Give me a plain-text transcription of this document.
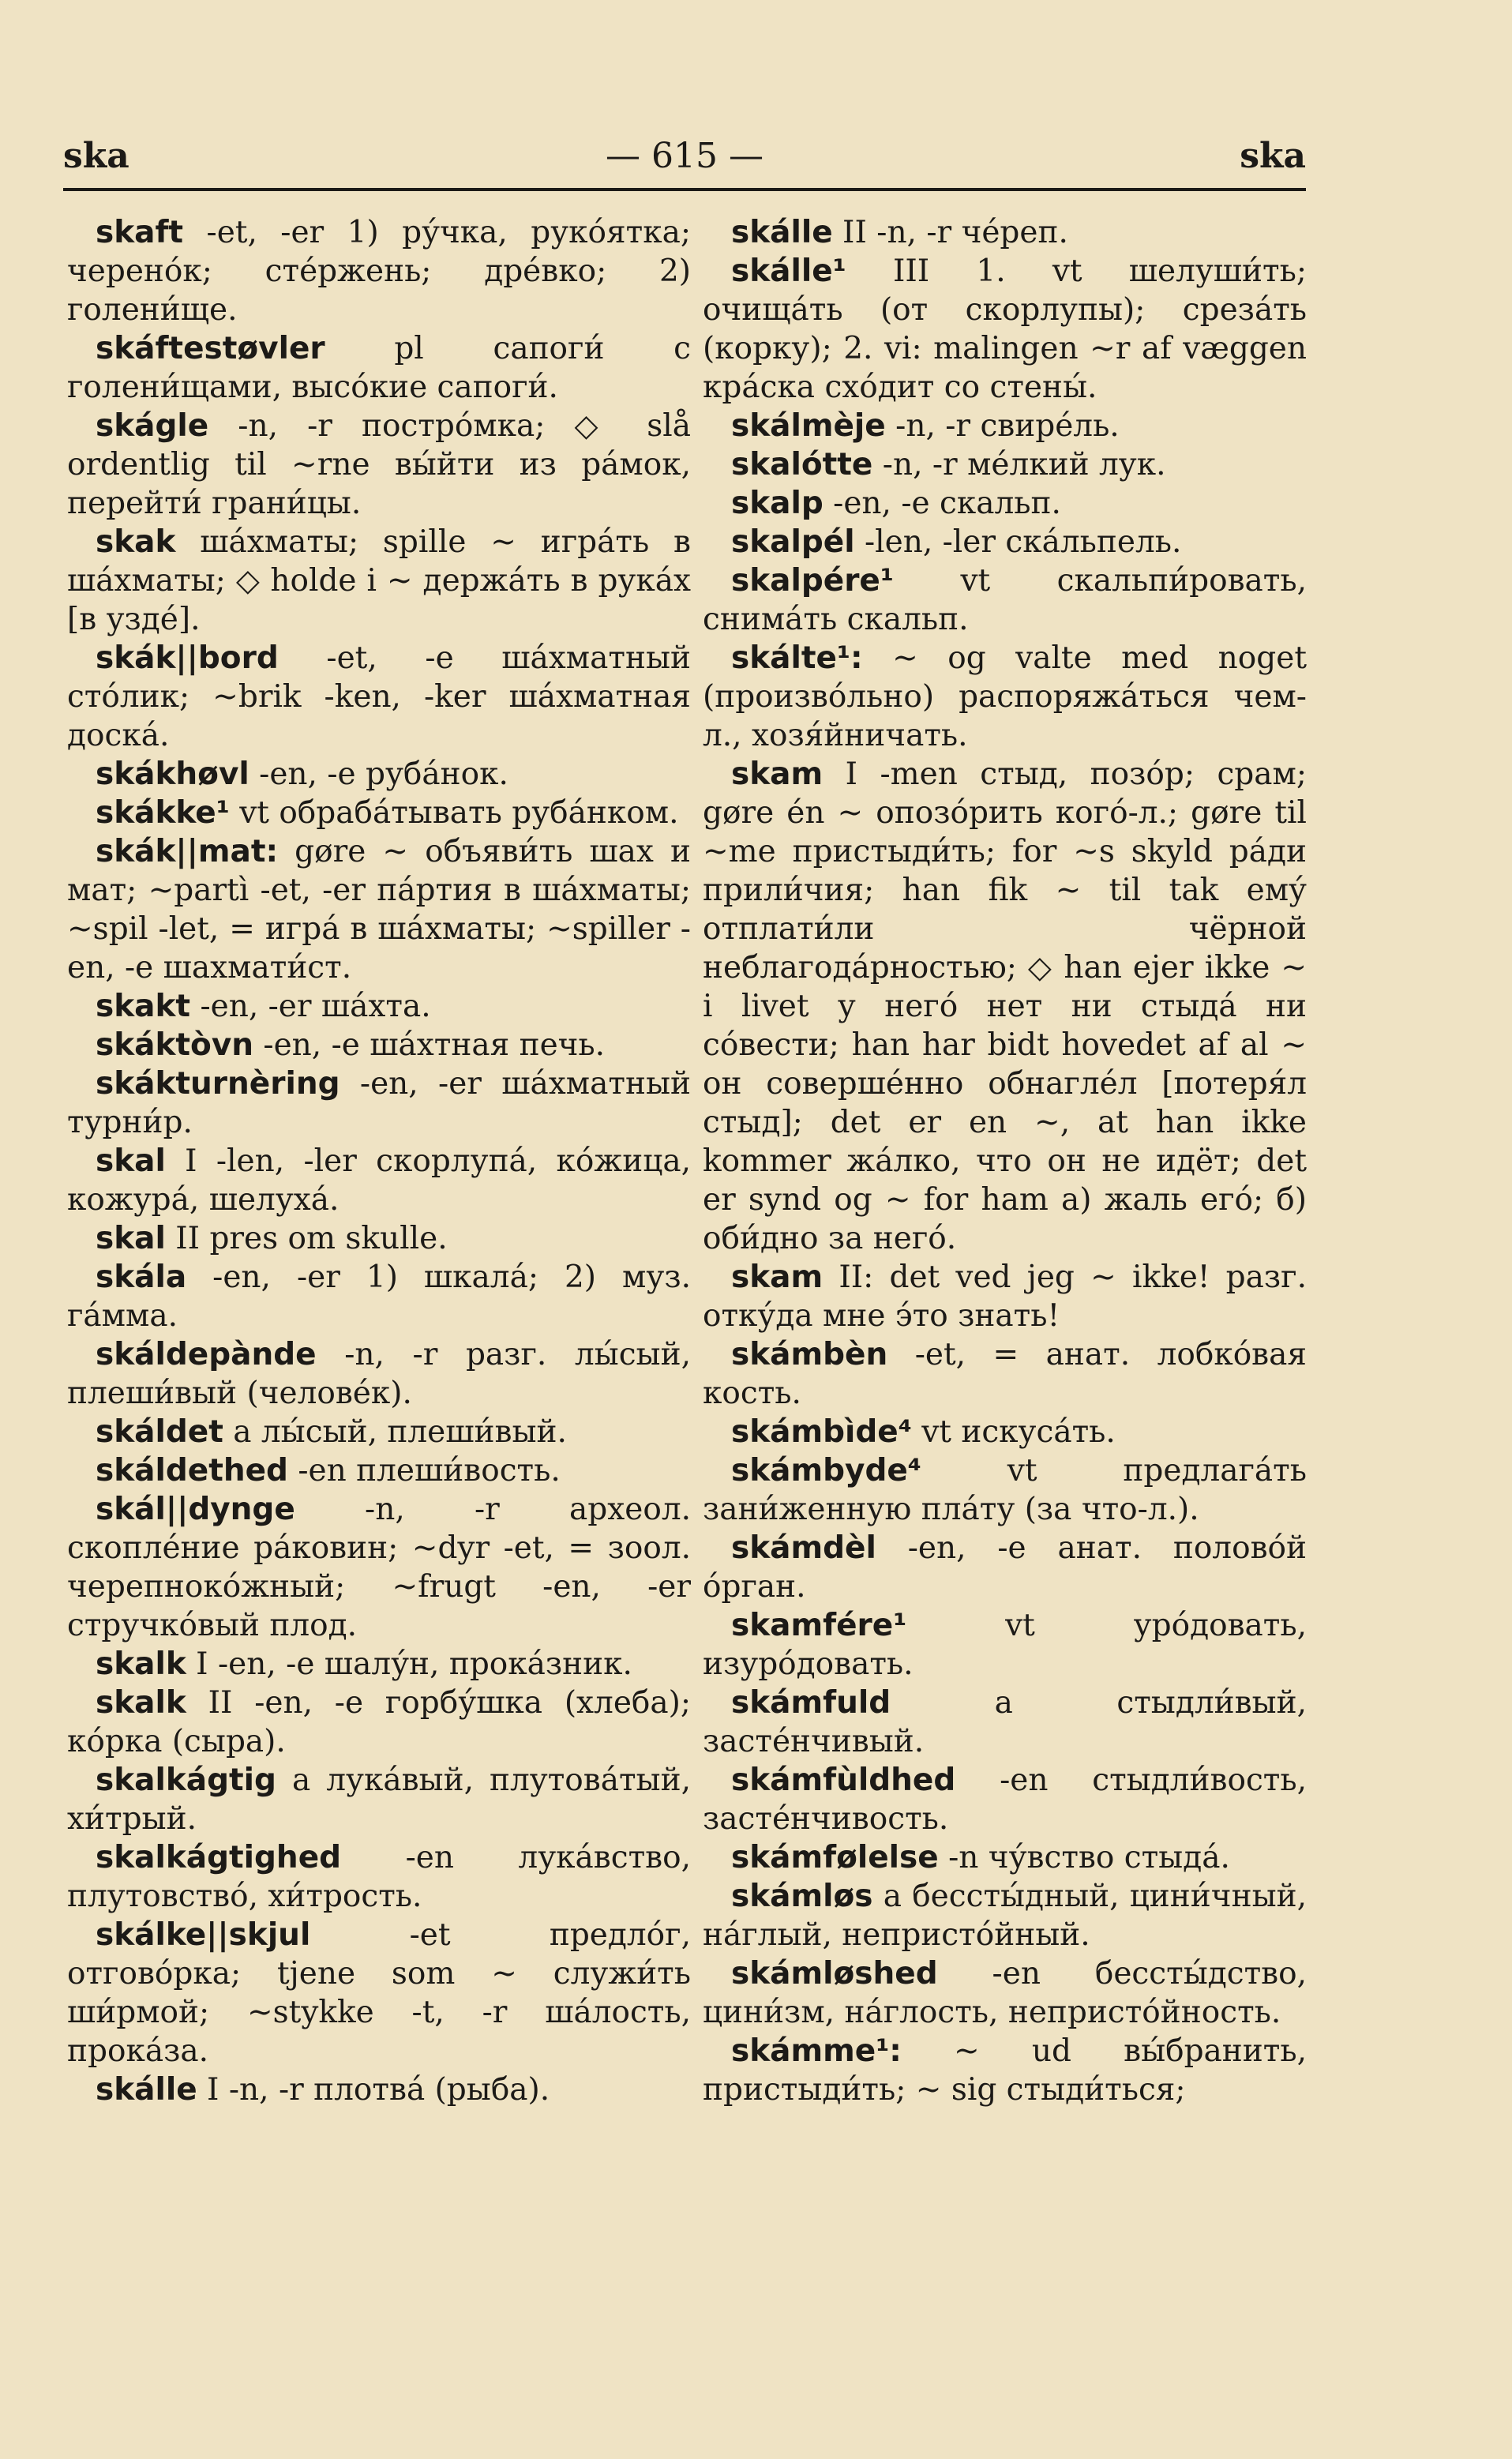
ska	— 615 —	ska

skaft -et, -er 1) ру́чка, руко́ятка; черено́к; сте́ржень; дре́вко; 2) голени́ще.

skáftestøvler pl сапоги́ с голени́щами, высо́кие сапоги́.

skágle -n, -r постро́мка; ◇ slå ordentlig til ~rne вы́йти из ра́мок, перейти́ грани́цы.

skak ша́хматы; spille ~ игра́ть в ша́хматы; ◇ holde i ~ держа́ть в рука́х [в узде́].

skák||bord -et, -e ша́хматный сто́лик; ~brik -ken, -ker ша́хматная доска́.

skákhøvl -en, -e руба́нок.

skákke¹ vt обраба́тывать руба́нком.

skák||mat: gøre ~ объяви́ть шах и мат; ~partì -et, -er па́ртия в ша́хматы; ~spil -let, = игра́ в ша́хматы; ~spiller -en, -e шахмати́ст.

skakt -en, -er ша́хта.

skáktòvn -en, -e ша́хтная печь.

skákturnèring -en, -er ша́хматный турни́р.

skal I -len, -ler скорлупа́, ко́жица, кожура́, шелуха́.

skal II pres om skulle.

skála -en, -er 1) шкала́; 2) муз. га́мма.

skáldepànde -n, -r разг. лы́сый, плеши́вый (челове́к).

skáldet a лы́сый, плеши́вый.

skáldethed -en плеши́вость.

skál||dynge -n, -r археол. скопле́ние ра́ковин; ~dyr -et, = зоол. черепноко́жный; ~frugt -en, -er стручко́вый плод.

skalk I -en, -e шалу́н, прока́зник.

skalk II -en, -e горбу́шка (хлеба); ко́рка (сыра).

skalkágtig a лука́вый, плутова́тый, хи́трый.

skalkágtighed -en лука́вство, плутовство́, хи́трость.

skálke||skjul -et предло́г, отгово́рка; tjene som ~ служи́ть ши́рмой; ~stykke -t, -r ша́лость, прока́за.

skálle I -n, -r плотва́ (рыба).

skálle II -n, -r че́реп.

skálle¹ III 1. vt шелуши́ть; очища́ть (от скорлупы); среза́ть (корку); 2. vi: malingen ~r af væggen кра́ска схо́дит со стены́.

skálmèje -n, -r свире́ль.

skalótte -n, -r ме́лкий лук.

skalp -en, -e скальп.

skalpél -len, -ler ска́льпель.

skalpére¹ vt скальпи́ровать, снима́ть скальп.

skálte¹: ~ og valte med noget (произво́льно) распоряжа́ться чем-л., хозя́йничать.

skam I -men стыд, позо́р; срам; gøre én ~ опозо́рить кого́-л.; gøre til ~me пристыди́ть; for ~s skyld ра́ди прили́чия; han fik ~ til tak ему́ отплати́ли чёрной неблагода́рностью; ◇ han ejer ikke ~ i livet у него́ нет ни стыда́ ни со́вести; han har bidt hovedet af al ~ он соверше́нно обнагле́л [потеря́л стыд]; det er en ~, at han ikke kommer жа́лко, что он не идёт; det er synd og ~ for ham а) жаль его́; б) оби́дно за него́.

skam II: det ved jeg ~ ikke! разг. отку́да мне э́то знать!

skámbèn -et, = анат. лобко́вая кость.

skámbìde⁴ vt искуса́ть.

skámbyde⁴ vt предлага́ть зани́женную пла́ту (за что-л.).

skámdèl -en, -e анат. полово́й о́рган.

skamfére¹ vt уро́довать, изуро́довать.

skámfuld a стыдли́вый, засте́нчивый.

skámfùldhed -en стыдли́вость, засте́нчивость.

skámfølelse -n чу́вство стыда́.

skámløs a бессты́дный, цини́чный, на́глый, непристо́йный.

skámløshed -en бессты́дство, цини́зм, на́глость, непристо́йность.

skámme¹: ~ ud вы́бранить, пристыди́ть; ~ sig стыди́ться;
